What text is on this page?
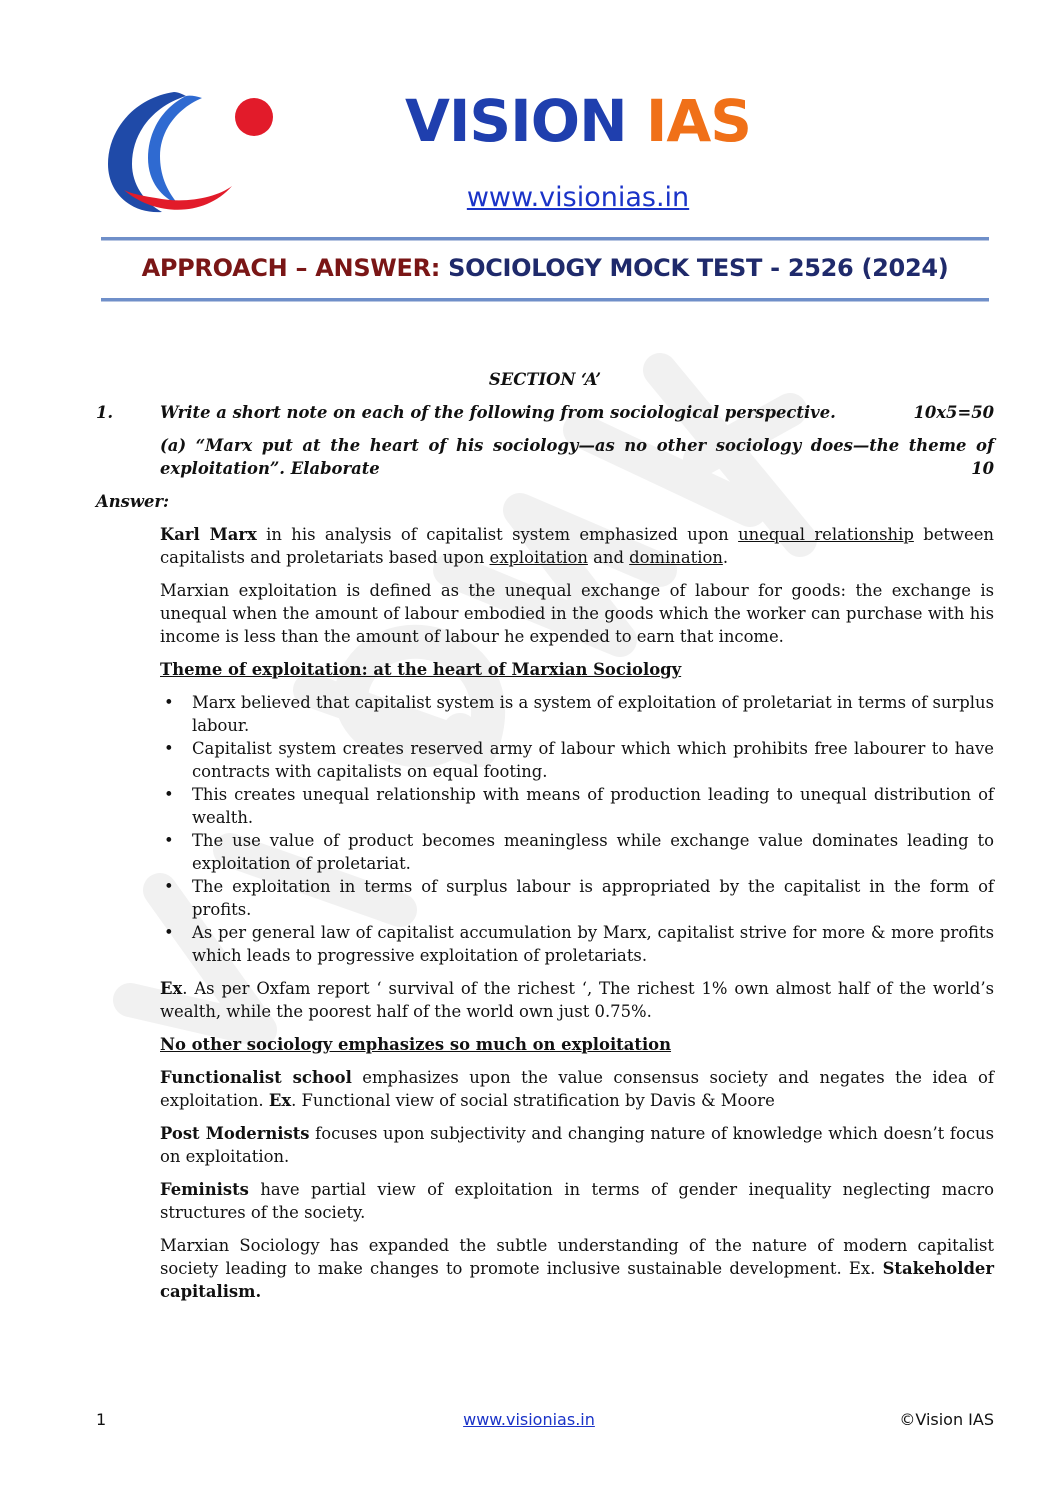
VISION IAS
www.visionias.in
APPROACH – ANSWER: SOCIOLOGY MOCK TEST - 2526 (2024)
SECTION ‘A’
1.	Write a short note on each of the following from sociological perspective.	10x5=50
(a) “Marx put at the heart of his sociology—as no other sociology does—the theme of exploitation”. Elaborate	10
Answer:

Karl Marx in his analysis of capitalist system emphasized upon unequal relationship between capitalists and proletariats based upon exploitation and domination.

Marxian exploitation is defined as the unequal exchange of labour for goods: the exchange is unequal when the amount of labour embodied in the goods which the worker can purchase with his income is less than the amount of labour he expended to earn that income.

Theme of exploitation: at the heart of Marxian Sociology
• Marx believed that capitalist system is a system of exploitation of proletariat in terms of surplus labour.
• Capitalist system creates reserved army of labour which which prohibits free labourer to have contracts with capitalists on equal footing.
• This creates unequal relationship with means of production leading to unequal distribution of wealth.
• The use value of product becomes meaningless while exchange value dominates leading to exploitation of proletariat.
• The exploitation in terms of surplus labour is appropriated by the capitalist in the form of profits.
• As per general law of capitalist accumulation by Marx, capitalist strive for more & more profits which leads to progressive exploitation of proletariats.

Ex. As per Oxfam report ‘ survival of the richest ‘, The richest 1% own almost half of the world’s wealth, while the poorest half of the world own just 0.75%.

No other sociology emphasizes so much on exploitation

Functionalist school emphasizes upon the value consensus society and negates the idea of exploitation. Ex. Functional view of social stratification by Davis & Moore

Post Modernists focuses upon subjectivity and changing nature of knowledge which doesn’t focus on exploitation.

Feminists have partial view of exploitation in terms of gender inequality neglecting macro structures of the society.

Marxian Sociology has expanded the subtle understanding of the nature of modern capitalist society leading to make changes to promote inclusive sustainable development. Ex. Stakeholder capitalism.

1	www.visionias.in	©Vision IAS
